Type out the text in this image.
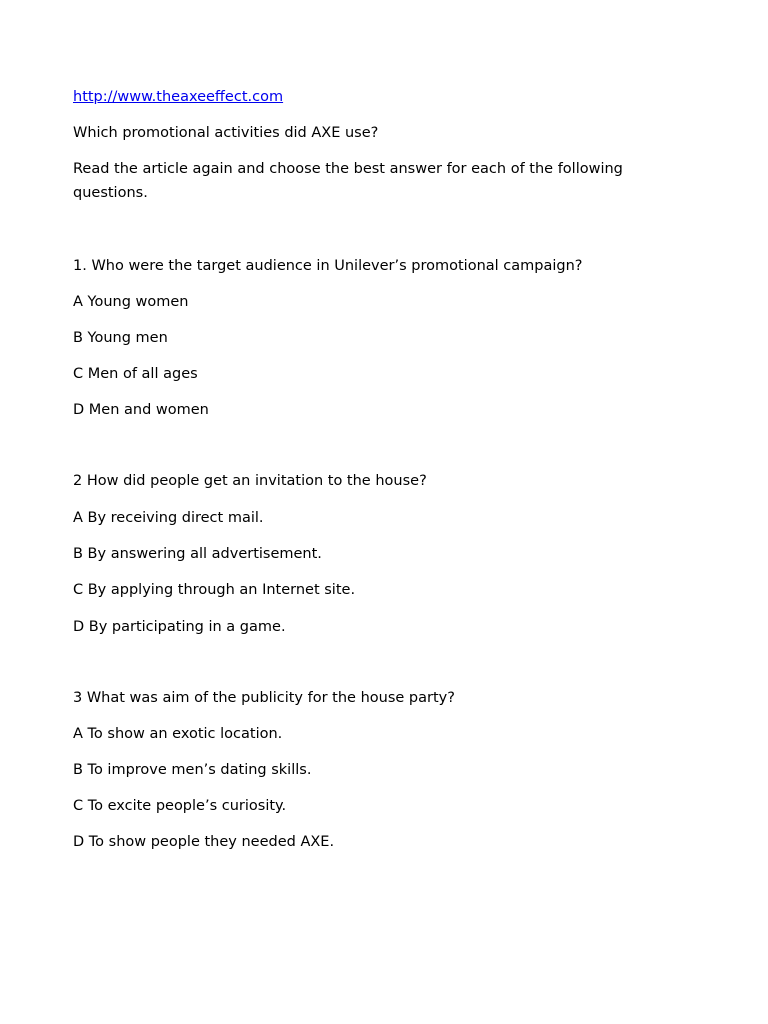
http://www.theaxeeffect.com
Which promotional activities did AXE use?
Read the article again and choose the best answer for each of the following questions.
1. Who were the target audience in Unilever’s promotional campaign?
A Young women
B Young men
C Men of all ages
D Men and women
2 How did people get an invitation to the house?
A By receiving direct mail.
B By answering all advertisement.
C By applying through an Internet site.
D By participating in a game.
3 What was aim of the publicity for the house party?
A To show an exotic location.
B To improve men’s dating skills.
C To excite people’s curiosity.
D To show people they needed AXE.
